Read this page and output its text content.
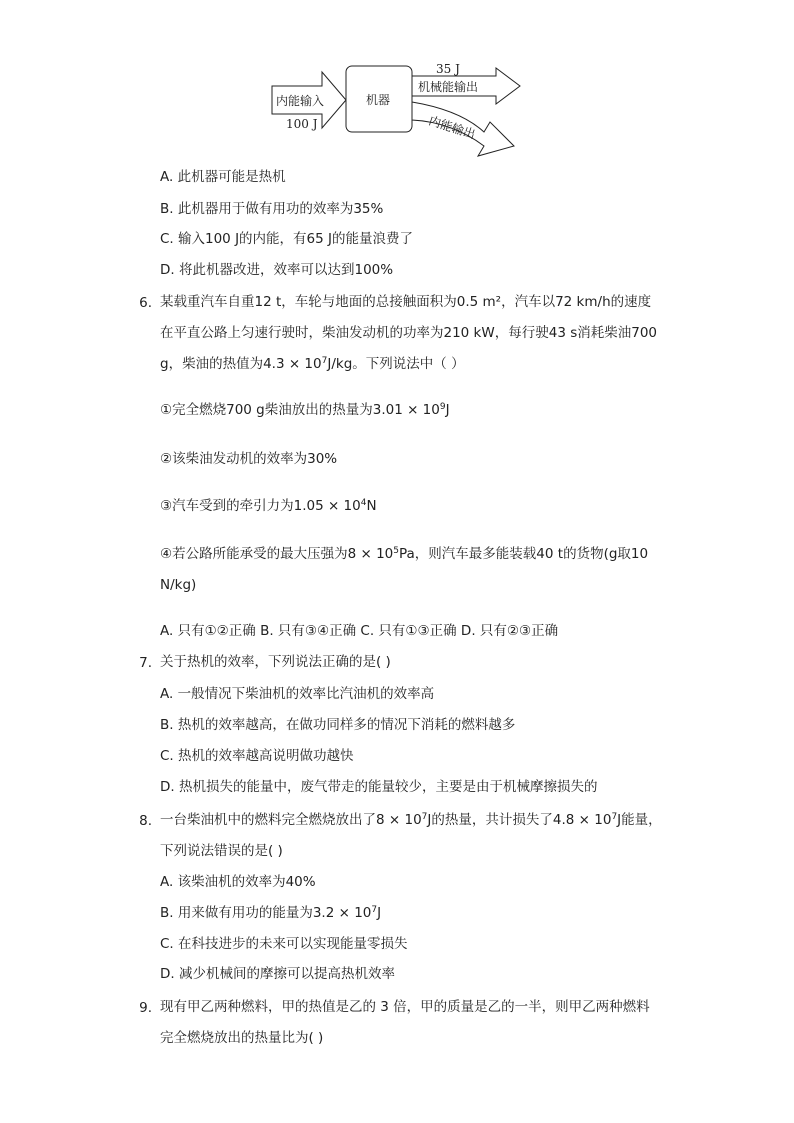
内能输入
100 J
机器
35 J
机械能输出
内能输出
A. 此机器可能是热机
B. 此机器用于做有用功的效率为35%
C. 输入100 J的内能，有65 J的能量浪费了
D. 将此机器改进，效率可以达到100%
6. 某载重汽车自重12 t，车轮与地面的总接触面积为0.5 m²，汽车以72 km/h的速度
在平直公路上匀速行驶时，柴油发动机的功率为210 kW，每行驶43 s消耗柴油700
g，柴油的热值为$4.3 \times 10^7J/kg$。下列说法中（ ）
①完全燃烧700 g柴油放出的热量为$3.01 \times 10^9J$
②该柴油发动机的效率为30%
③汽车受到的牵引力为$1.05 \times 10^4N$
④若公路所能承受的最大压强为$8 \times 10^5Pa$，则汽车最多能装载40 t的货物(g取10
N/kg)
A. 只有①②正确 B. 只有③④正确 C. 只有①③正确 D. 只有②③正确
7. 关于热机的效率，下列说法正确的是( )
A. 一般情况下柴油机的效率比汽油机的效率高
B. 热机的效率越高，在做功同样多的情况下消耗的燃料越多
C. 热机的效率越高说明做功越快
D. 热机损失的能量中，废气带走的能量较少，主要是由于机械摩擦损失的
8. 一台柴油机中的燃料完全燃烧放出了$8 \times 10^7J$的热量，共计损失了$4.8 \times 10^7J$能量，
下列说法错误的是( )
A. 该柴油机的效率为40%
B. 用来做有用功的能量为$3.2 \times 10^7J$
C. 在科技进步的未来可以实现能量零损失
D. 减少机械间的摩擦可以提高热机效率
9. 现有甲乙两种燃料，甲的热值是乙的 3 倍，甲的质量是乙的一半，则甲乙两种燃料
完全燃烧放出的热量比为( )
